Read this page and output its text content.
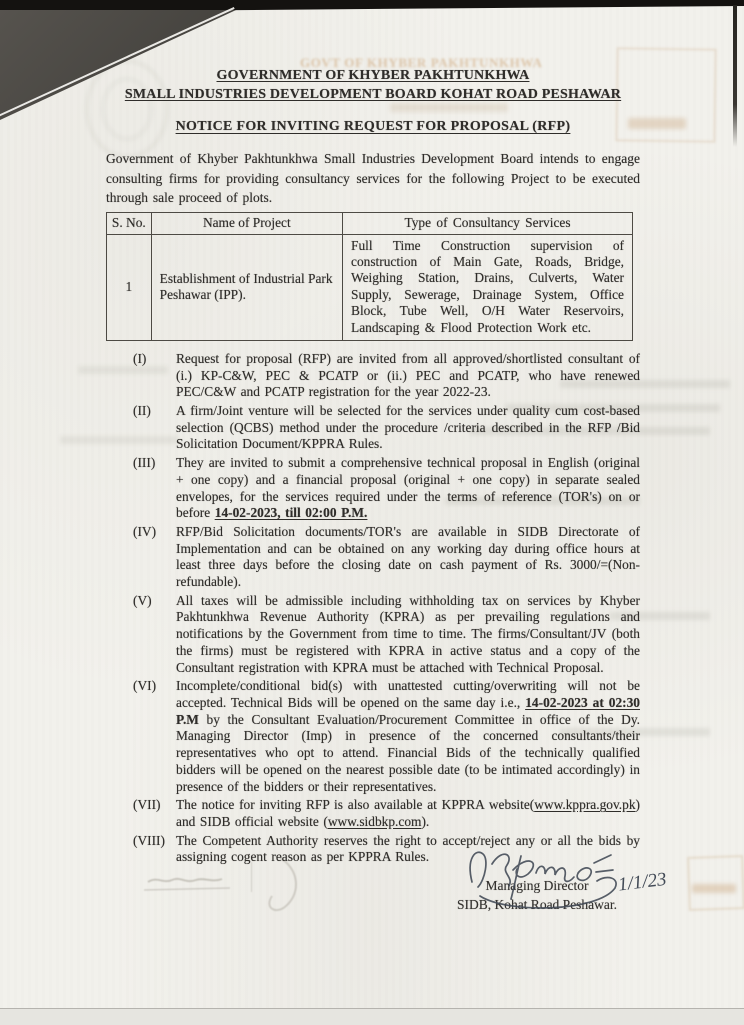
GOVT OF KHYBER PAKHTUNKHWA
GOVERNMENT OF KHYBER PAKHTUNKHWA
SMALL INDUSTRIES DEVELOPMENT BOARD KOHAT ROAD PESHAWAR
NOTICE FOR INVITING REQUEST FOR PROPOSAL (RFP)

Government of Khyber Pakhtunkhwa Small Industries Development Board intends to engage consulting firms for providing consultancy services for the following Project to be executed through sale proceed of plots.

S. No.	Name of Project	Type of Consultancy Services
1	Establishment of Industrial Park Peshawar (IPP).	Full Time Construction supervision of construction of Main Gate, Roads, Bridge, Weighing Station, Drains, Culverts, Water Supply, Sewerage, Drainage System, Office Block, Tube Well, O/H Water Reservoirs, Landscaping & Flood Protection Work etc.
(I)	Request for proposal (RFP) are invited from all approved/shortlisted consultant of (i.) KP-C&W, PEC & PCATP or (ii.) PEC and PCATP, who have renewed PEC/C&W and PCATP registration for the year 2022-23.
(II)	A firm/Joint venture will be selected for the services under quality cum cost-based selection (QCBS) method under the procedure /criteria described in the RFP /Bid Solicitation Document/KPPRA Rules.
(III)	They are invited to submit a comprehensive technical proposal in English (original + one copy) and a financial proposal (original + one copy) in separate sealed envelopes, for the services required under the terms of reference (TOR's) on or before 14-02-2023, till 02:00 P.M.
(IV)	RFP/Bid Solicitation documents/TOR's are available in SIDB Directorate of Implementation and can be obtained on any working day during office hours at least three days before the closing date on cash payment of Rs. 3000/=(Non-refundable).
(V)	All taxes will be admissible including withholding tax on services by Khyber Pakhtunkhwa Revenue Authority (KPRA) as per prevailing regulations and notifications by the Government from time to time. The firms/Consultant/JV (both the firms) must be registered with KPRA in active status and a copy of the Consultant registration with KPRA must be attached with Technical Proposal.
(VI)	Incomplete/conditional bid(s) with unattested cutting/overwriting will not be accepted. Technical Bids will be opened on the same day i.e., 14-02-2023 at 02:30 P.M by the Consultant Evaluation/Procurement Committee in office of the Dy. Managing Director (Imp) in presence of the concerned consultants/their representatives who opt to attend. Financial Bids of the technically qualified bidders will be opened on the nearest possible date (to be intimated accordingly) in presence of the bidders or their representatives.
(VII)	The notice for inviting RFP is also available at KPPRA website(www.kppra.gov.pk) and SIDB official website (www.sidbkp.com).
(VIII) The Competent Authority reserves the right to accept/reject any or all the bids by assigning cogent reason as per KPPRA Rules.
Managing Director
SIDB, Kohat Road Peshawar.
1/1/23
